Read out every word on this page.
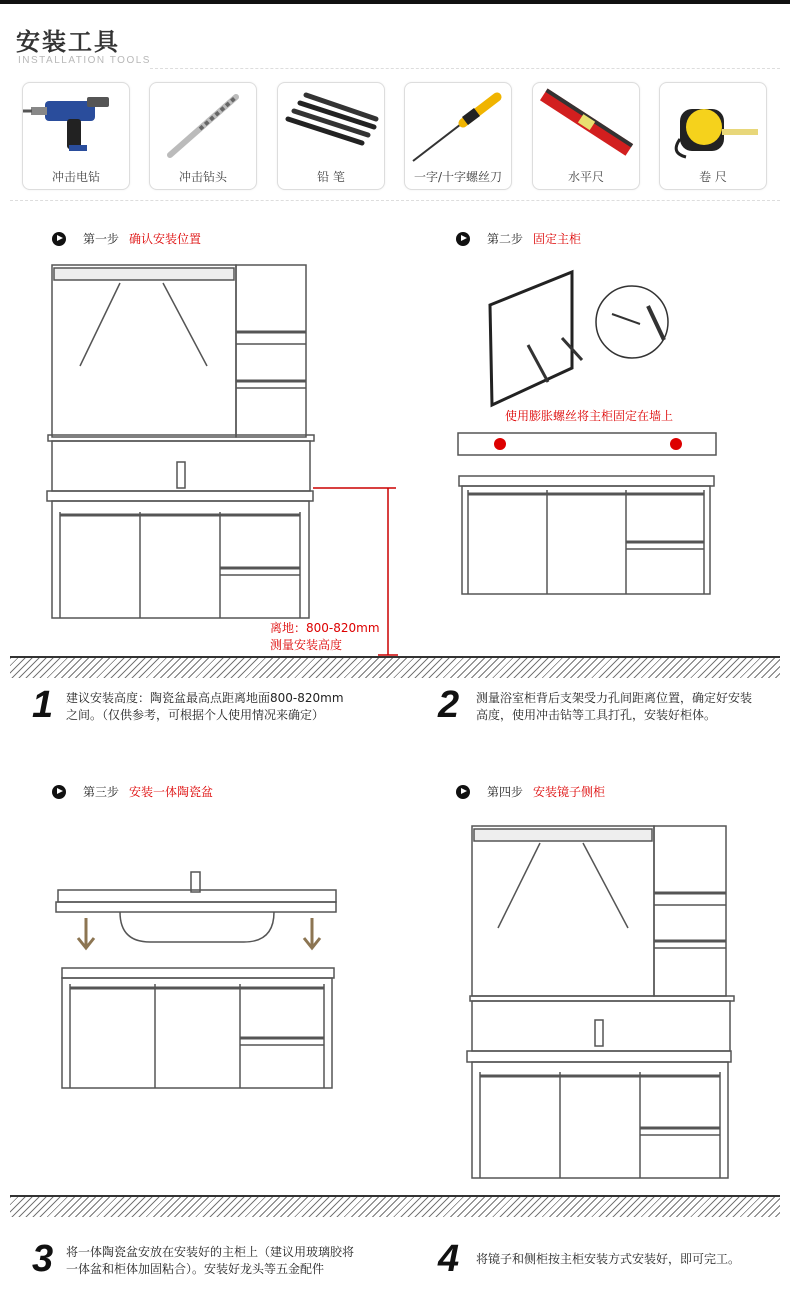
安装工具
INSTALLATION TOOLS
冲击电钻	冲击钻头	铅 笔	一字/十字螺丝刀	水平尺	卷 尺
第一步 确认安装位置	第二步 固定主柜
第三步 安装一体陶瓷盆	第四步 安装镜子侧柜
离地：800-820mm
测量安装高度
使用膨胀螺丝将主柜固定在墙上
1 建议安装高度：陶瓷盆最高点距离地面800-820mm
之间。（仅供参考，可根据个人使用情况来确定）	2 测量浴室柜背后支架受力孔间距离位置，确定好安装
高度，使用冲击钻等工具打孔，安装好柜体。
3 将一体陶瓷盆安放在安装好的主柜上（建议用玻璃胶将
一体盆和柜体加固粘合）。安装好龙头等五金配件	4 将镜子和侧柜按主柜安装方式安装好，即可完工。
